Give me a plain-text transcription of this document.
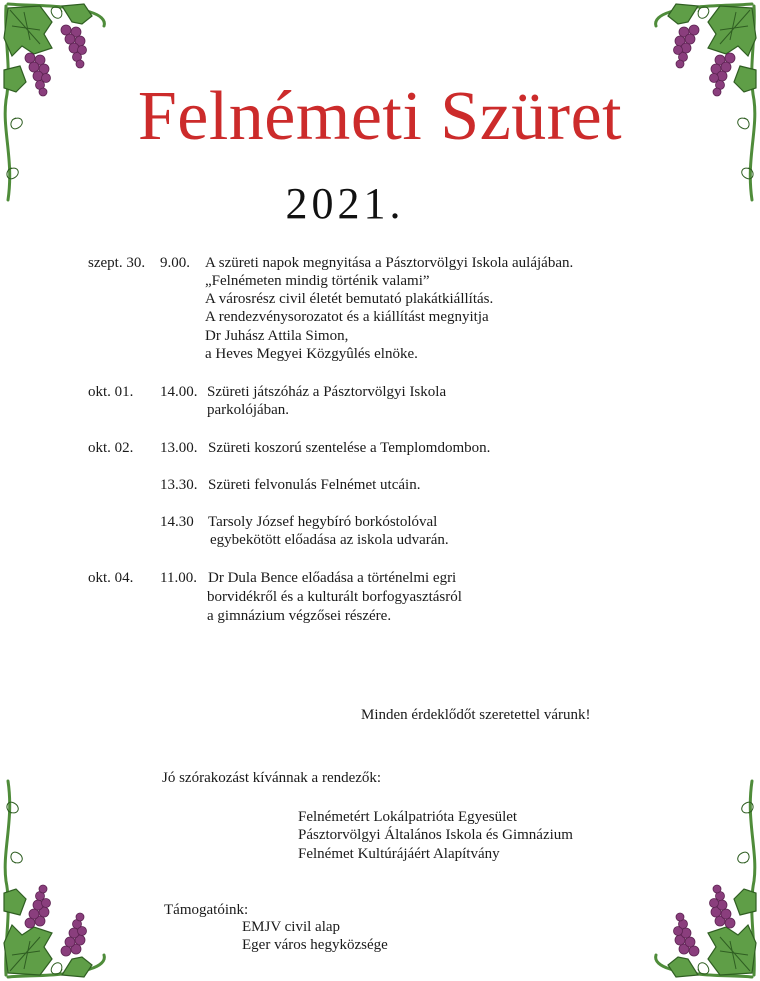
Felnémeti Szüret
2021.
szept. 30. 9.00. A szüreti napok megnyitása a Pásztorvölgyi Iskola aulájában.
„Felnémeten mindig történik valami”
A városrész civil életét bemutató plakátkiállítás.
A rendezvénysorozatot és a kiállítást megnyitja
Dr Juhász Attila Simon,
a Heves Megyei Közgyûlés elnöke.
okt. 01. 14.00. Szüreti játszóház a Pásztorvölgyi Iskola
parkolójában.
okt. 02. 13.00. Szüreti koszorú szentelése a Templomdombon.
13.30. Szüreti felvonulás Felnémet utcáin.
14.30 Tarsoly József hegybíró borkóstolóval
egybekötött előadása az iskola udvarán.
okt. 04. 11.00. Dr Dula Bence előadása a történelmi egri
borvidékről és a kulturált borfogyasztásról
a gimnázium végzősei részére.
Minden érdeklődőt szeretettel várunk!
Jó szórakozást kívánnak a rendezők:
Felnémetért Lokálpatrióta Egyesület
Pásztorvölgyi Általános Iskola és Gimnázium
Felnémet Kultúrájáért Alapítvány
Támogatóink:
EMJV civil alap
Eger város hegyközsége
